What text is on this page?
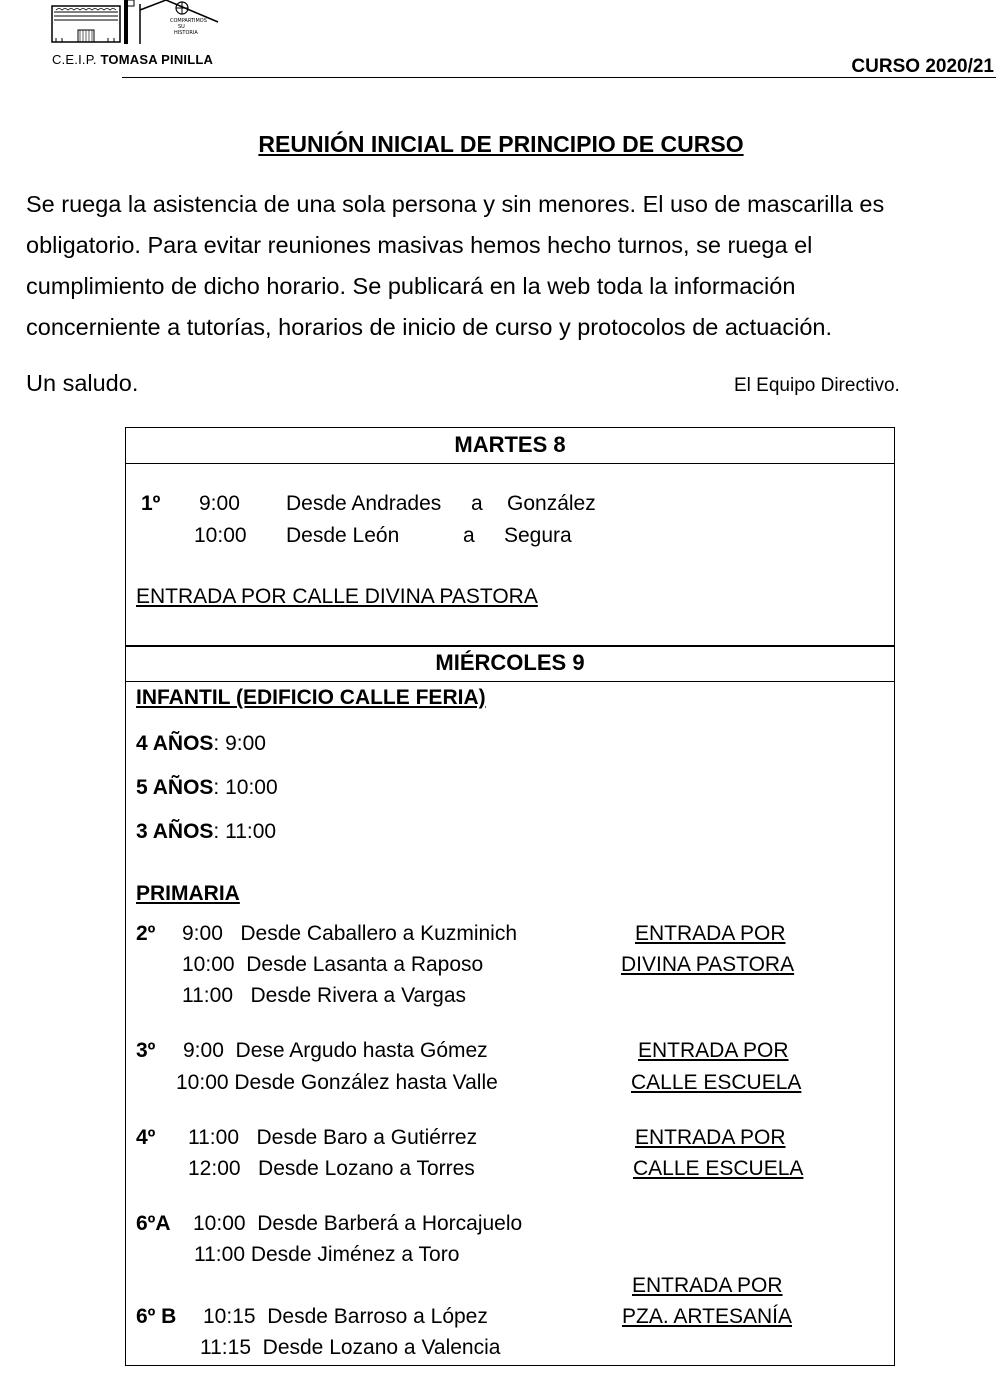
COMPARTIMOS
SU
HISTORIA
C.E.I.P. TOMASA PINILLA	CURSO 2020/21
REUNIÓN INICIAL DE PRINCIPIO DE CURSO
Se ruega la asistencia de una sola persona y sin menores. El uso de mascarilla es
obligatorio. Para evitar reuniones masivas hemos hecho turnos, se ruega el
cumplimiento de dicho horario. Se publicará en la web toda la información
concerniente a tutorías, horarios de inicio de curso y protocolos de actuación.
Un saludo.	El Equipo Directivo.
MARTES 8
1º 9:00 Desde Andrades a González
10:00 Desde León	a Segura
ENTRADA POR CALLE DIVINA PASTORA
MIÉRCOLES 9
INFANTIL (EDIFICIO CALLE FERIA)
4 AÑOS: 9:00
5 AÑOS: 10:00
3 AÑOS: 11:00
PRIMARIA
2º 9:00   Desde Caballero a Kuzminich
10:00  Desde Lasanta a Raposo
11:00   Desde Rivera a Vargas
ENTRADA POR
DIVINA PASTORA
3º 9:00  Dese Argudo hasta Gómez
10:00 Desde González hasta Valle
ENTRADA POR
CALLE ESCUELA
4º 11:00   Desde Baro a Gutiérrez
12:00   Desde Lozano a Torres
ENTRADA POR
CALLE ESCUELA
6ºA 10:00  Desde Barberá a Horcajuelo
11:00 Desde Jiménez a Toro
ENTRADA POR
6º B 10:15  Desde Barroso a López
11:15  Desde Lozano a Valencia
PZA. ARTESANÍA
